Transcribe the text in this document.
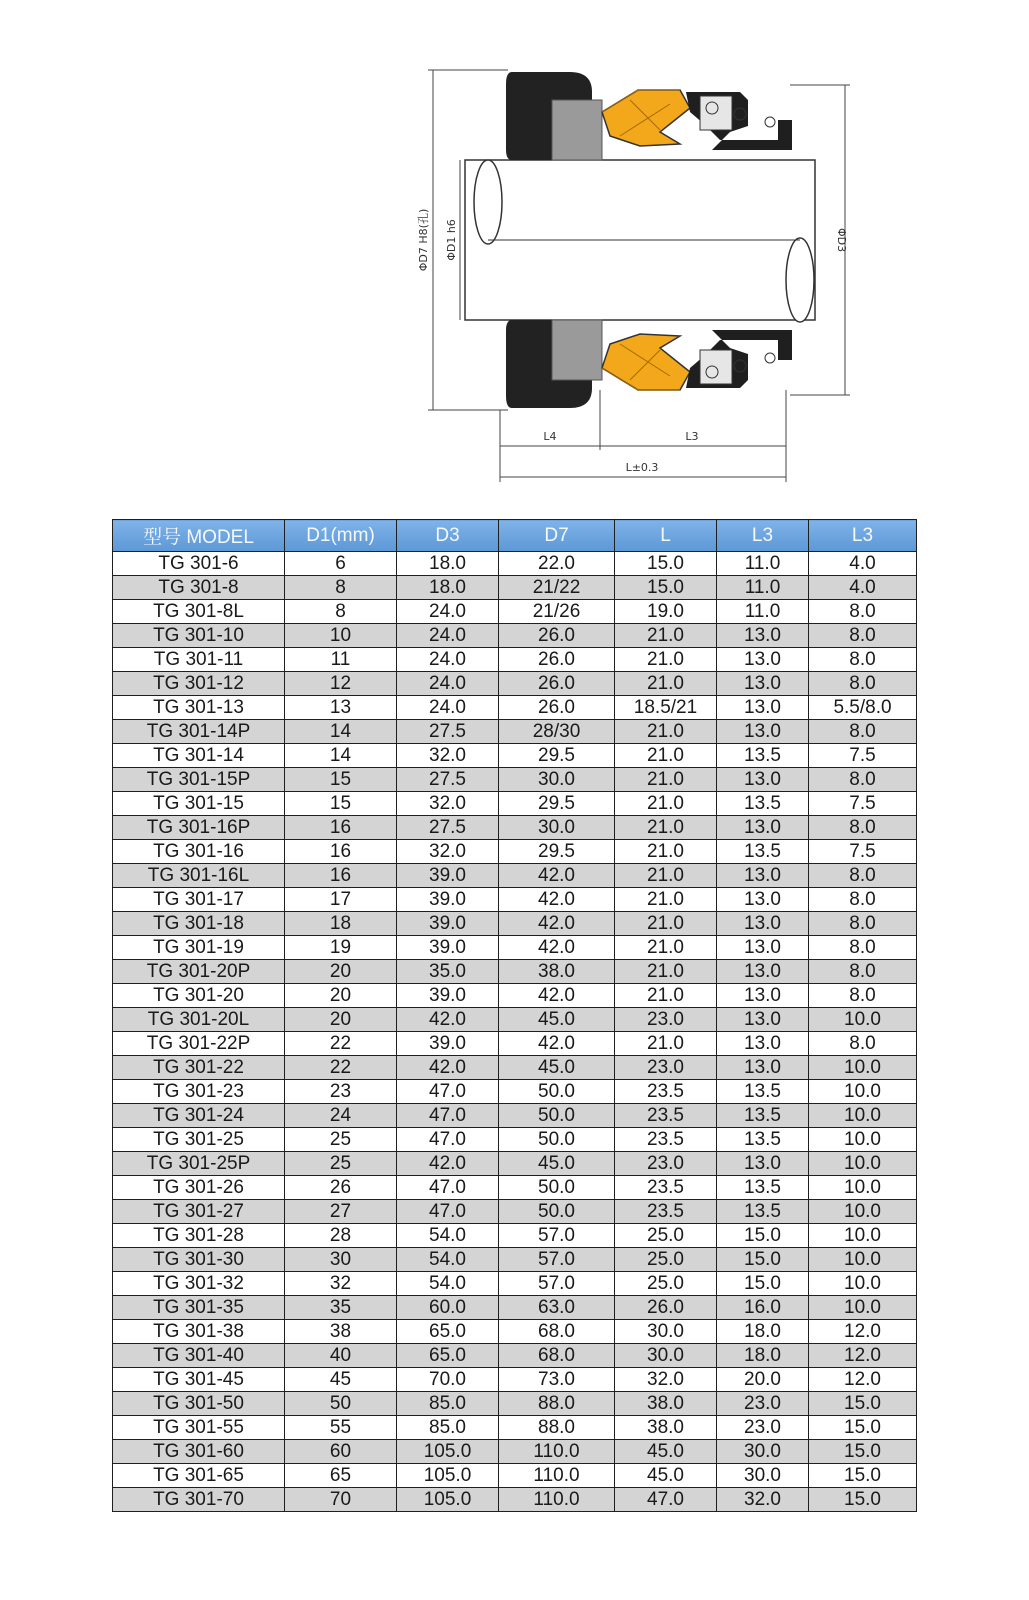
ΦD7 H8(孔) ΦD1 h6	ΦD3
L4	L3
L±0.3
型号 MODEL	D1(mm)	D3	D7	L	L3	L3
TG 301-6	6	18.0	22.0	15.0	11.0	4.0
TG 301-8	8	18.0	21/22	15.0	11.0	4.0
TG 301-8L	8	24.0	21/26	19.0	11.0	8.0
TG 301-10	10	24.0	26.0	21.0	13.0	8.0
TG 301-11	11	24.0	26.0	21.0	13.0	8.0
TG 301-12	12	24.0	26.0	21.0	13.0	8.0
TG 301-13	13	24.0	26.0	18.5/21	13.0	5.5/8.0
TG 301-14P	14	27.5	28/30	21.0	13.0	8.0
TG 301-14	14	32.0	29.5	21.0	13.5	7.5
TG 301-15P	15	27.5	30.0	21.0	13.0	8.0
TG 301-15	15	32.0	29.5	21.0	13.5	7.5
TG 301-16P	16	27.5	30.0	21.0	13.0	8.0
TG 301-16	16	32.0	29.5	21.0	13.5	7.5
TG 301-16L	16	39.0	42.0	21.0	13.0	8.0
TG 301-17	17	39.0	42.0	21.0	13.0	8.0
TG 301-18	18	39.0	42.0	21.0	13.0	8.0
TG 301-19	19	39.0	42.0	21.0	13.0	8.0
TG 301-20P	20	35.0	38.0	21.0	13.0	8.0
TG 301-20	20	39.0	42.0	21.0	13.0	8.0
TG 301-20L	20	42.0	45.0	23.0	13.0	10.0
TG 301-22P	22	39.0	42.0	21.0	13.0	8.0
TG 301-22	22	42.0	45.0	23.0	13.0	10.0
TG 301-23	23	47.0	50.0	23.5	13.5	10.0
TG 301-24	24	47.0	50.0	23.5	13.5	10.0
TG 301-25	25	47.0	50.0	23.5	13.5	10.0
TG 301-25P	25	42.0	45.0	23.0	13.0	10.0
TG 301-26	26	47.0	50.0	23.5	13.5	10.0
TG 301-27	27	47.0	50.0	23.5	13.5	10.0
TG 301-28	28	54.0	57.0	25.0	15.0	10.0
TG 301-30	30	54.0	57.0	25.0	15.0	10.0
TG 301-32	32	54.0	57.0	25.0	15.0	10.0
TG 301-35	35	60.0	63.0	26.0	16.0	10.0
TG 301-38	38	65.0	68.0	30.0	18.0	12.0
TG 301-40	40	65.0	68.0	30.0	18.0	12.0
TG 301-45	45	70.0	73.0	32.0	20.0	12.0
TG 301-50	50	85.0	88.0	38.0	23.0	15.0
TG 301-55	55	85.0	88.0	38.0	23.0	15.0
TG 301-60	60	105.0	110.0	45.0	30.0	15.0
TG 301-65	65	105.0	110.0	45.0	30.0	15.0
TG 301-70	70	105.0	110.0	47.0	32.0	15.0
